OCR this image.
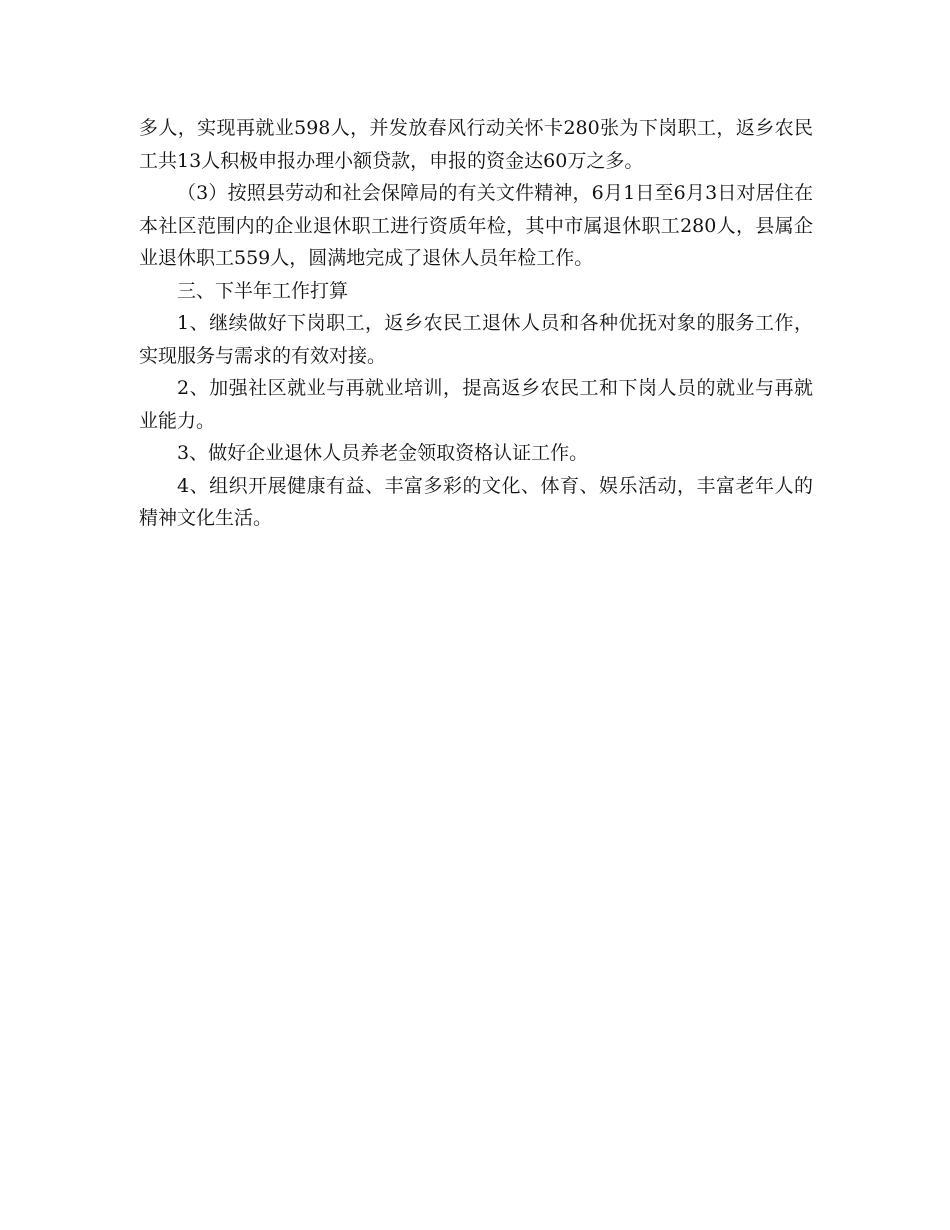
多人，实现再就业598人，并发放春风行动关怀卡280张为下岗职工，返乡农民工共13人积极申报办理小额贷款，申报的资金达60万之多。

（3）按照县劳动和社会保障局的有关文件精神，6月1日至6月3日对居住在本社区范围内的企业退休职工进行资质年检，其中市属退休职工280人，县属企业退休职工559人，圆满地完成了退休人员年检工作。

三、下半年工作打算

1、继续做好下岗职工，返乡农民工退休人员和各种优抚对象的服务工作，实现服务与需求的有效对接。

2、加强社区就业与再就业培训，提高返乡农民工和下岗人员的就业与再就业能力。

3、做好企业退休人员养老金领取资格认证工作。

4、组织开展健康有益、丰富多彩的文化、体育、娱乐活动，丰富老年人的精神文化生活。
